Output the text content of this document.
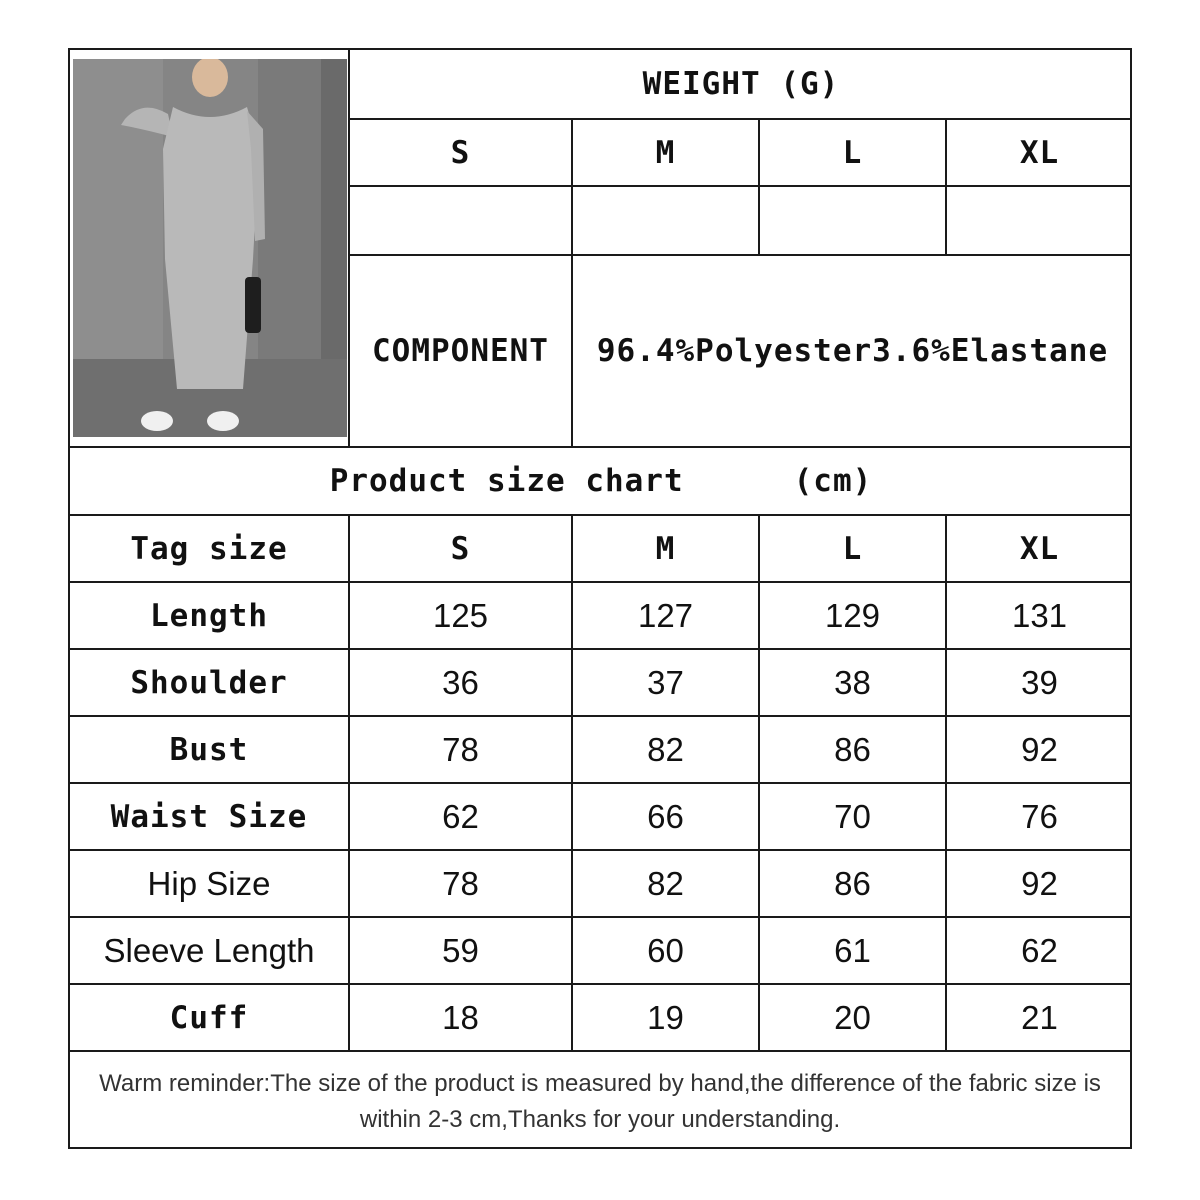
WEIGHT (G)
S	M	L	XL
COMPONENT	96.4%Polyester3.6%Elastane
Product size chart	(cm)
Tag size	S	M	L	XL
Length	125	127	129	131
Shoulder	36	37	38	39
Bust	78	82	86	92
Waist Size	62	66	70	76
Hip Size	78	82	86	92
Sleeve Length	59	60	61	62
Cuff	18	19	20	21
Warm reminder:The size of the product is measured by hand,the difference of the fabric size is within 2-3 cm,Thanks for your understanding.
